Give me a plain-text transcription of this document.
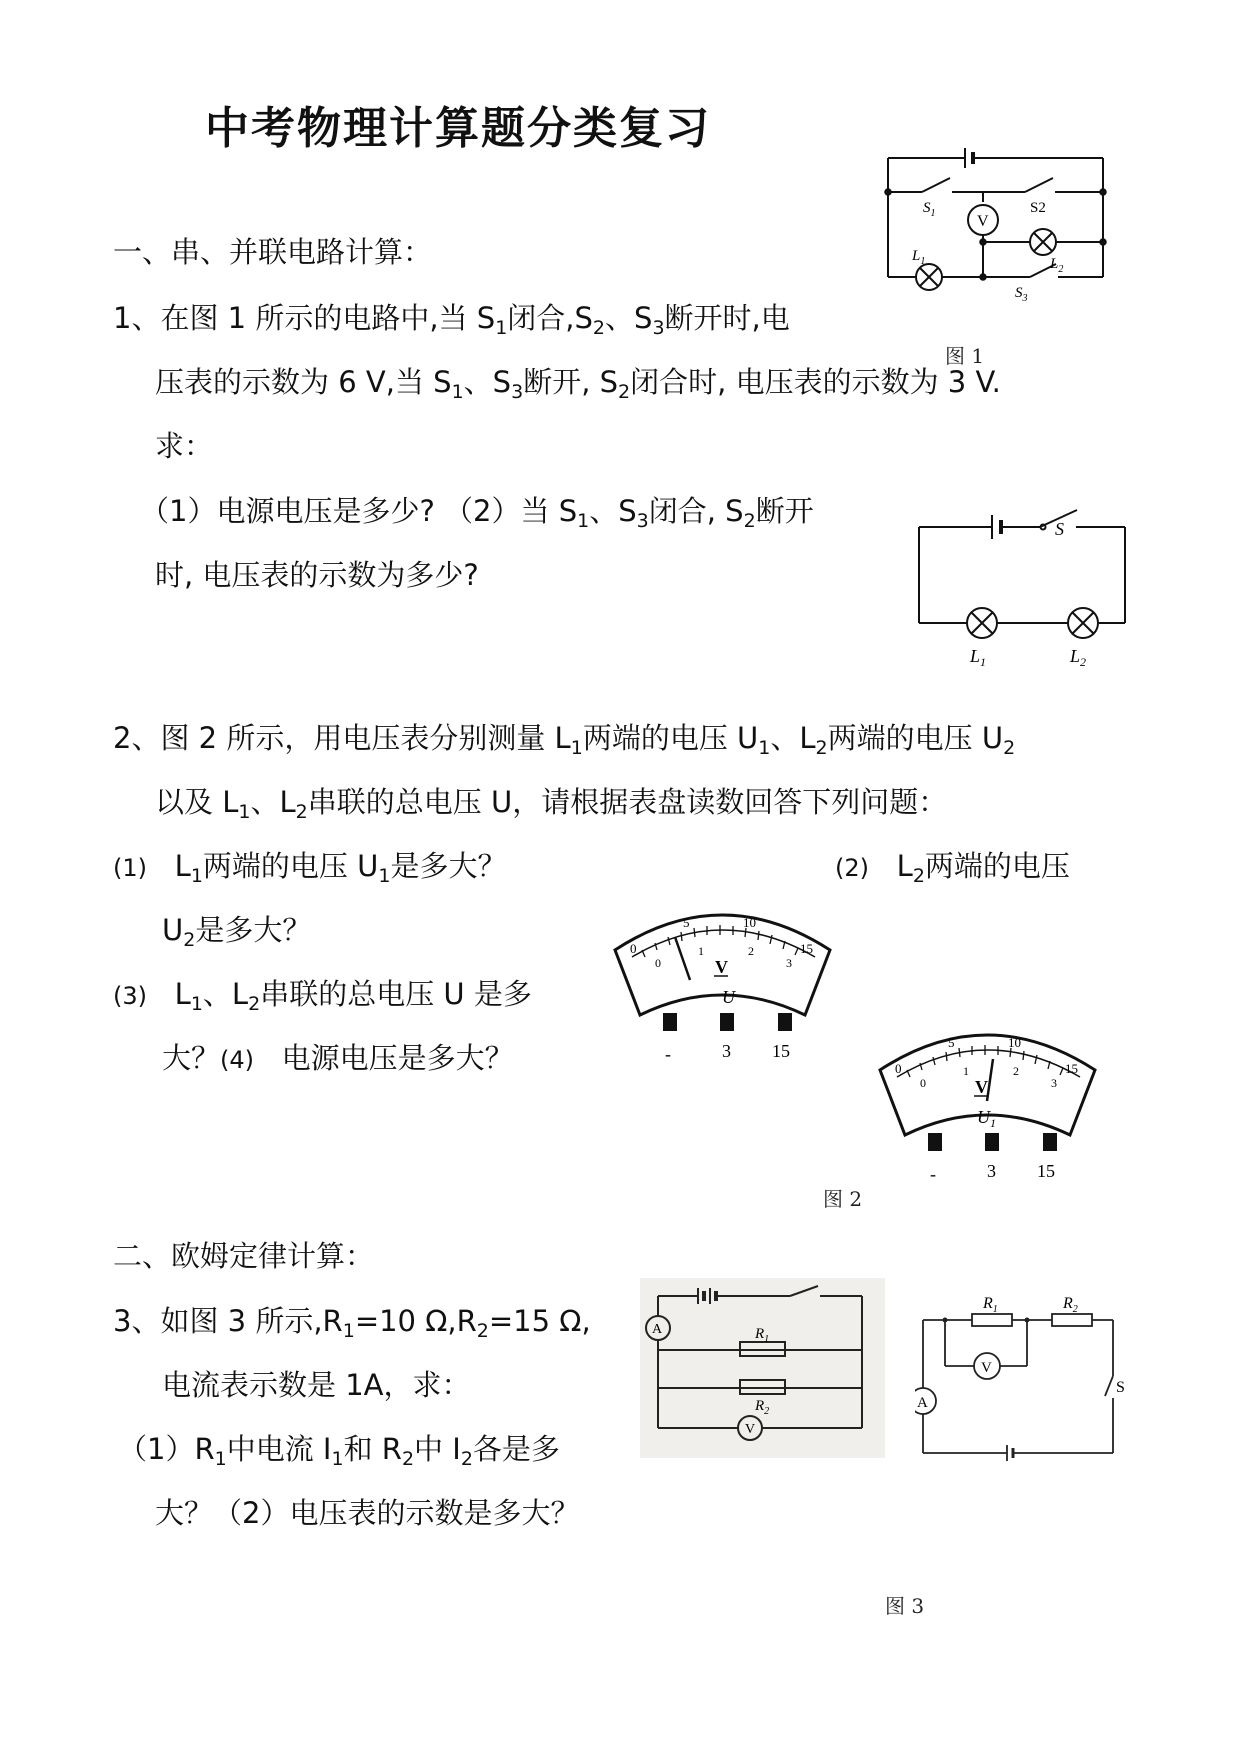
中考物理计算题分类复习
一、串、并联电路计算：
1、在图 1 所示的电路中,当 $S_1$闭合$,S_2$、$S_3$断开时,电
压表的示数为 6 V,当 $S_1$、$S_3$断开, $S_2$闭合时, 电压表的示数为 3 V.
求：
（1）电源电压是多少? （2）当 $S_1$、$S_3$闭合, $S_2$断开
时, 电压表的示数为多少?
V
$S_1$	S2
$L_1$	$L_2$
$S_3$
图 1
S
$L_1$	$L_2$
2、图 2 所示，用电压表分别测量 $L_1$两端的电压 $U_1$、$L_2$两端的电压 $U_2$
以及 $L_1$、$L_2$串联的总电压 U，请根据表盘读数回答下列问题：
(1) $L_1$两端的电压 $U_1$是多大？	(2) $L_2$两端的电压
$U_2$是多大？
(3) $L_1$、$L_2$串联的总电压 U 是多
大？(4) 电源电压是多大？
0
5	10
15
0
1	2
3
V
U
-	3 15
0
5	10
15
0
1	2
3
V
$U_1$
-	3 15
图 2
二、欧姆定律计算：
3、如图 3 所示$,R_1=10$ $\Omega,R_2=15$ Ω,
电流表示数是 1A，求：
$(1)R_1$中电流 $I_1$和 $R_2$中 $I_2$各是多
大？（2）电压表的示数是多大？
A
V
$R_1$
$R_2$
$R_1$	$R_2$
V
A
S
图 3
